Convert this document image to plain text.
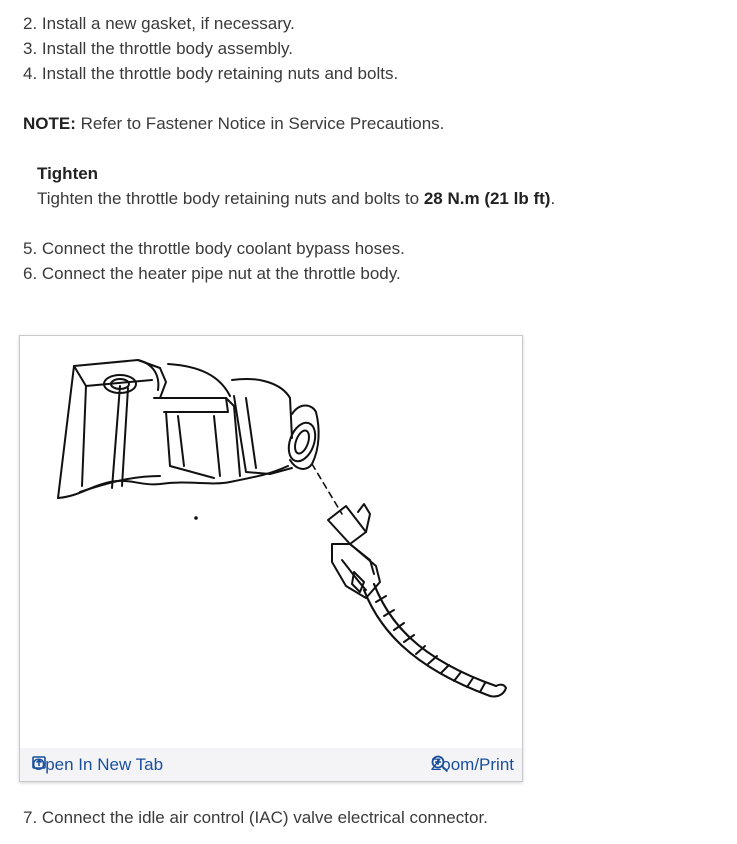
2. Install a new gasket, if necessary.
3. Install the throttle body assembly.
4. Install the throttle body retaining nuts and bolts.
NOTE: Refer to Fastener Notice in Service Precautions.
Tighten
Tighten the throttle body retaining nuts and bolts to 28 N.m (21 lb ft).
5. Connect the throttle body coolant bypass hoses.
6. Connect the heater pipe nut at the throttle body.
Open In New Tab	Zoom/Print
7. Connect the idle air control (IAC) valve electrical connector.
